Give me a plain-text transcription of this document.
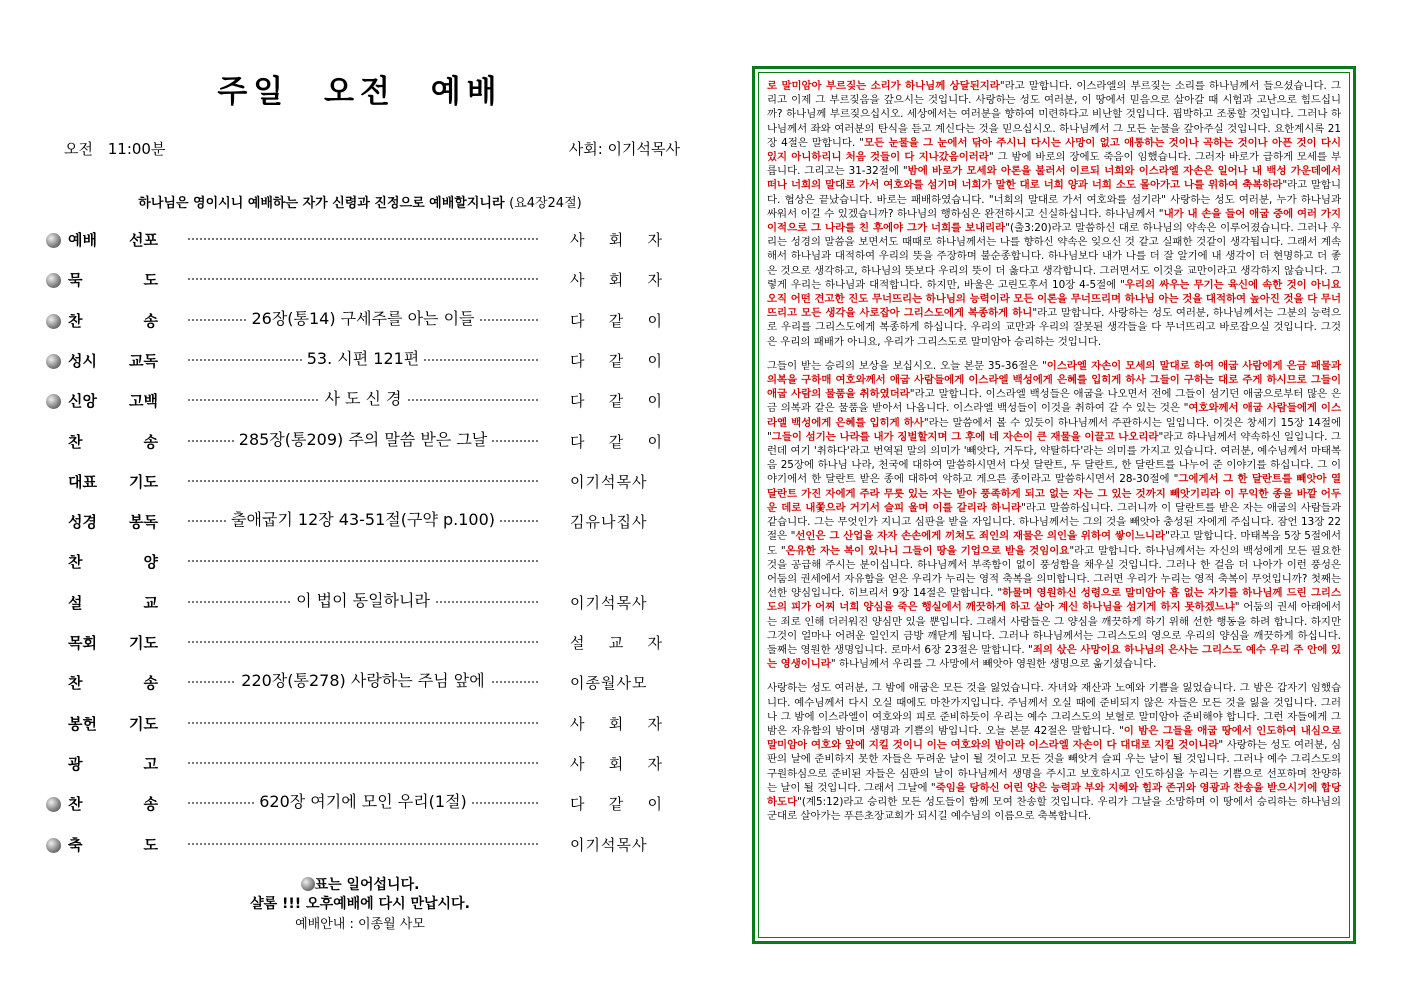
주일 오전 예배
오전 11:00분	사회: 이기석목사
하나님은 영이시니 예배하는 자가 신령과 진정으로 예배할지니라 (요4장24절)
예배 선포	사 회 자
묵 도	사 회 자
찬 송	26장(통14) 구세주를 아는 이들	다 같 이
성시 교독	53. 시편 121편	다 같 이
신앙 고백	사 도 신 경	다 같 이
찬 송	285장(통209) 주의 말씀 받은 그날	다 같 이
대표 기도	이기석목사
성경 봉독	출애굽기 12장 43-51절(구약 p.100)	김유나집사
찬 양
설 교	이 법이 동일하니라	이기석목사
목회 기도	설 교 자
찬 송	220장(통278) 사랑하는 주님 앞에	이종월사모
봉헌 기도	사 회 자
광 고	사 회 자
찬 송	620장 여기에 모인 우리(1절)	다 같 이
축 도	이기석목사
표는 일어섭니다.
샬롬 !!! 오후예배에 다시 만납시다.
예배안내 : 이종월 사모

로 말미암아 부르짖는 소리가 하나님께 상달된지라"라고 말합니다. 이스라엘의 부르짖는 소리를 하나님께서 들으셨습니다. 그리고 이제 그 부르짖음을 갚으시는 것입니다. 사랑하는 성도 여러분, 이 땅에서 믿음으로 살아갈 때 시험과 고난으로 힘드십니까? 하나님께 부르짖으십시오. 세상에서는 여러분을 향하여 미련하다고 비난할 것입니다. 핍박하고 조롱할 것입니다. 그러나 하나님께서 좌와 여러분의 탄식을 듣고 계신다는 것을 믿으십시오. 하나님께서 그 모든 눈물을 갚아주실 것입니다. 요한계시록 21장 4절은 말합니다. "모든 눈물을 그 눈에서 닦아 주시니 다시는 사망이 없고 애통하는 것이나 곡하는 것이나 아픈 것이 다시 있지 아니하리니 처음 것들이 다 지나갔음이러라" 그 밤에 바로의 장에도 죽음이 임했습니다. 그러자 바로가 급하게 모세를 부릅니다. 그리고는 31-32절에 "밤에 바로가 모세와 아론을 불러서 이르되 너희와 이스라엘 자손은 일어나 내 백성 가운데에서 떠나 너희의 말대로 가서 여호와를 섬기며 너희가 말한 대로 너희 양과 너희 소도 몰아가고 나를 위하여 축복하라"라고 말합니다. 협상은 끝났습니다. 바로는 패배하였습니다. "너희의 말대로 가서 여호와를 섬기라" 사랑하는 성도 여러분, 누가 하나님과 싸워서 이길 수 있겠습니까? 하나님의 행하심은 완전하시고 신실하십니다. 하나님께서 "내가 내 손을 들어 애굽 중에 여러 가지 이적으로 그 나라를 친 후에야 그가 너희를 보내리라"(출3:20)라고 말씀하신 대로 하나님의 약속은 이루어졌습니다. 그러나 우리는 성경의 말씀을 보면서도 때때로 하나님께서는 나를 향하신 약속은 잊으신 것 같고 실패한 것같이 생각됩니다. 그래서 계속해서 하나님과 대적하여 우리의 뜻을 주장하며 불순종합니다. 하나님보다 내가 나를 더 잘 알기에 내 생각이 더 현명하고 더 좋은 것으로 생각하고, 하나님의 뜻보다 우리의 뜻이 더 옳다고 생각합니다. 그러면서도 이것을 교만이라고 생각하지 않습니다. 그렇게 우리는 하나님과 대적합니다. 하지만, 바울은 고린도후서 10장 4-5절에 "우리의 싸우는 무기는 육신에 속한 것이 아니요 오직 어떤 견고한 진도 무너뜨리는 하나님의 능력이라 모든 이론을 무너뜨리며 하나님 아는 것을 대적하여 높아진 것을 다 무너뜨리고 모든 생각을 사로잡아 그리스도에게 복종하게 하니"라고 말합니다. 사랑하는 성도 여러분, 하나님께서는 그분의 능력으로 우리를 그리스도에게 복종하게 하십니다. 우리의 교만과 우리의 잘못된 생각들을 다 무너뜨리고 바로잡으실 것입니다. 그것은 우리의 패배가 아니요, 우리가 그리스도로 말미암아 승리하는 것입니다.

그들이 받는 승리의 보상을 보십시오. 오늘 본문 35-36절은 "이스라엘 자손이 모세의 말대로 하여 애굽 사람에게 은금 패물과 의복을 구하매 여호와께서 애굽 사람들에게 이스라엘 백성에게 은혜를 입히게 하사 그들이 구하는 대로 주게 하시므로 그들이 애굽 사람의 물품을 취하였더라"라고 말합니다. 이스라엘 백성들은 애굽을 나오면서 전에 그들이 섬기던 애굽으로부터 많은 은 금 의복과 같은 물품을 받아서 나옵니다. 이스라엘 백성들이 이것을 취하여 갈 수 있는 것은 "여호와께서 애굽 사람들에게 이스라엘 백성에게 은혜를 입히게 하사"라는 말씀에서 볼 수 있듯이 하나님께서 주관하시는 일입니다. 이것은 창세기 15장 14절에 "그들이 섬기는 나라를 내가 징벌할지며 그 후에 네 자손이 큰 재물을 이끌고 나오리라"라고 하나님께서 약속하신 일입니다. 그런데 여기 '취하다'라고 번역된 말의 의미가 '빼앗다, 거두다, 약탈하다'라는 의미를 가지고 있습니다. 여러분, 예수님께서 마태복음 25장에 하나님 나라, 천국에 대하여 말씀하시면서 다섯 달란트, 두 달란트, 한 달란트를 나누어 준 이야기를 하십니다. 그 이야기에서 한 달란트 받은 종에 대하여 악하고 게으른 종이라고 말씀하시면서 28-30절에 "그에게서 그 한 달란트를 빼앗아 열 달란트 가진 자에게 주라 무릇 있는 자는 받아 풍족하게 되고 없는 자는 그 있는 것까지 빼앗기리라 이 무익한 종을 바깥 어두운 데로 내쫓으라 거기서 슬피 울며 이를 갈리라 하니라"라고 말씀하십니다. 그러니까 이 달란트를 받은 자는 애굽의 사람들과 같습니다. 그는 무엇인가 지니고 심판을 받을 자입니다. 하나님께서는 그의 것을 빼앗아 충성된 자에게 주십니다. 잠언 13장 22절은 "선인은 그 산업을 자자 손손에게 끼쳐도 죄인의 재물은 의인을 위하여 쌓이느니라"라고 말합니다. 마태복음 5장 5절에서도 "온유한 자는 복이 있나니 그들이 땅을 기업으로 받을 것임이요"라고 말합니다. 하나님께서는 자신의 백성에게 모든 필요한 것을 공급해 주시는 분이십니다. 하나님께서 부족함이 없이 풍성함을 채우실 것입니다. 그러나 한 걸음 더 나아가 이런 풍성은 어둠의 권세에서 자유함을 얻은 우리가 누리는 영적 축복을 의미합니다. 그러면 우리가 누리는 영적 축복이 무엇입니까? 첫째는 선한 양심입니다. 히브리서 9장 14절은 말합니다. "하물며 영원하신 성령으로 말미암아 흠 없는 자기를 하나님께 드린 그리스도의 피가 어찌 너희 양심을 죽은 행실에서 깨끗하게 하고 살아 계신 하나님을 섬기게 하지 못하겠느냐" 어둠의 권세 아래에서는 죄로 인해 더러워진 양심만 있을 뿐입니다. 그래서 사람들은 그 양심을 깨끗하게 하기 위해 선한 행동을 하려 합니다. 하지만 그것이 얼마나 어려운 일인지 금방 깨닫게 됩니다. 그러나 하나님께서는 그리스도의 영으로 우리의 양심을 깨끗하게 하십니다. 둘째는 영원한 생명입니다. 로마서 6장 23절은 말합니다. "죄의 삯은 사망이요 하나님의 은사는 그리스도 예수 우리 주 안에 있는 영생이니라" 하나님께서 우리를 그 사망에서 빼앗아 영원한 생명으로 옮기셨습니다.

사랑하는 성도 여러분, 그 밤에 애굽은 모든 것을 잃었습니다. 자녀와 재산과 노예와 기쁨을 잃었습니다. 그 밤은 갑자기 임했습니다. 예수님께서 다시 오실 때에도 마찬가지입니다. 주님께서 오실 때에 준비되지 않은 자들은 모든 것을 잃을 것입니다. 그러나 그 밤에 이스라엘이 여호와의 피로 준비하듯이 우리는 예수 그리스도의 보혈로 말미암아 준비해야 합니다. 그런 자들에게 그 밤은 자유함의 밤이며 생명과 기쁨의 밤입니다. 오늘 본문 42절은 말합니다. "이 밤은 그들을 애굽 땅에서 인도하여 내심으로 말미암아 여호와 앞에 지킬 것이니 이는 여호와의 밤이라 이스라엘 자손이 다 대대로 지킬 것이니라" 사랑하는 성도 여러분, 심판의 날에 준비하지 못한 자들은 두려운 날이 될 것이고 모든 것을 빼앗겨 슬피 우는 날이 될 것입니다. 그러나 예수 그리스도의 구원하심으로 준비된 자들은 심판의 날이 하나님께서 생명을 주시고 보호하시고 인도하심을 누리는 기쁨으로 선포하며 찬양하는 날이 될 것입니다. 그래서 그날에 "죽임을 당하신 어린 양은 능력과 부와 지혜와 힘과 존귀와 영광과 찬송을 받으시기에 합당하도다"(계5:12)라고 승리한 모든 성도들이 함께 모여 찬송할 것입니다. 우리가 그날을 소망하며 이 땅에서 승리하는 하나님의 군대로 살아가는 푸른초장교회가 되시길 예수님의 이름으로 축복합니다.
